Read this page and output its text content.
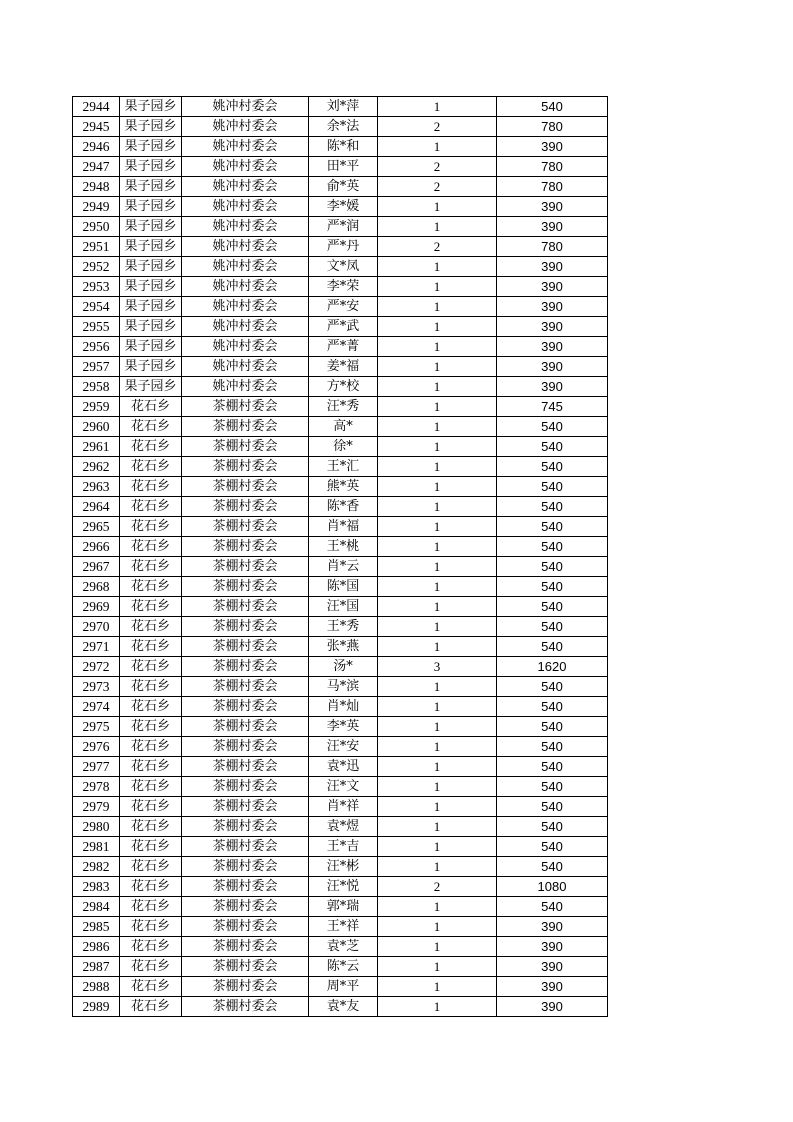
2944	果子园乡	姚冲村委会	刘*萍	1	540
2945	果子园乡	姚冲村委会	余*法	2	780
2946	果子园乡	姚冲村委会	陈*和	1	390
2947	果子园乡	姚冲村委会	田*平	2	780
2948	果子园乡	姚冲村委会	俞*英	2	780
2949	果子园乡	姚冲村委会	李*媛	1	390
2950	果子园乡	姚冲村委会	严*润	1	390
2951	果子园乡	姚冲村委会	严*丹	2	780
2952	果子园乡	姚冲村委会	文*凤	1	390
2953	果子园乡	姚冲村委会	李*荣	1	390
2954	果子园乡	姚冲村委会	严*安	1	390
2955	果子园乡	姚冲村委会	严*武	1	390
2956	果子园乡	姚冲村委会	严*菁	1	390
2957	果子园乡	姚冲村委会	姜*福	1	390
2958	果子园乡	姚冲村委会	方*校	1	390
2959	花石乡	茶棚村委会	汪*秀	1	745
2960	花石乡	茶棚村委会	高*	1	540
2961	花石乡	茶棚村委会	徐*	1	540
2962	花石乡	茶棚村委会	王*汇	1	540
2963	花石乡	茶棚村委会	熊*英	1	540
2964	花石乡	茶棚村委会	陈*香	1	540
2965	花石乡	茶棚村委会	肖*福	1	540
2966	花石乡	茶棚村委会	王*桃	1	540
2967	花石乡	茶棚村委会	肖*云	1	540
2968	花石乡	茶棚村委会	陈*国	1	540
2969	花石乡	茶棚村委会	汪*国	1	540
2970	花石乡	茶棚村委会	王*秀	1	540
2971	花石乡	茶棚村委会	张*燕	1	540
2972	花石乡	茶棚村委会	汤*	3	1620
2973	花石乡	茶棚村委会	马*滨	1	540
2974	花石乡	茶棚村委会	肖*灿	1	540
2975	花石乡	茶棚村委会	李*英	1	540
2976	花石乡	茶棚村委会	汪*安	1	540
2977	花石乡	茶棚村委会	袁*迅	1	540
2978	花石乡	茶棚村委会	汪*文	1	540
2979	花石乡	茶棚村委会	肖*祥	1	540
2980	花石乡	茶棚村委会	袁*煜	1	540
2981	花石乡	茶棚村委会	王*吉	1	540
2982	花石乡	茶棚村委会	汪*彬	1	540
2983	花石乡	茶棚村委会	汪*悦	2	1080
2984	花石乡	茶棚村委会	郭*瑞	1	540
2985	花石乡	茶棚村委会	王*祥	1	390
2986	花石乡	茶棚村委会	袁*芝	1	390
2987	花石乡	茶棚村委会	陈*云	1	390
2988	花石乡	茶棚村委会	周*平	1	390
2989	花石乡	茶棚村委会	袁*友	1	390
